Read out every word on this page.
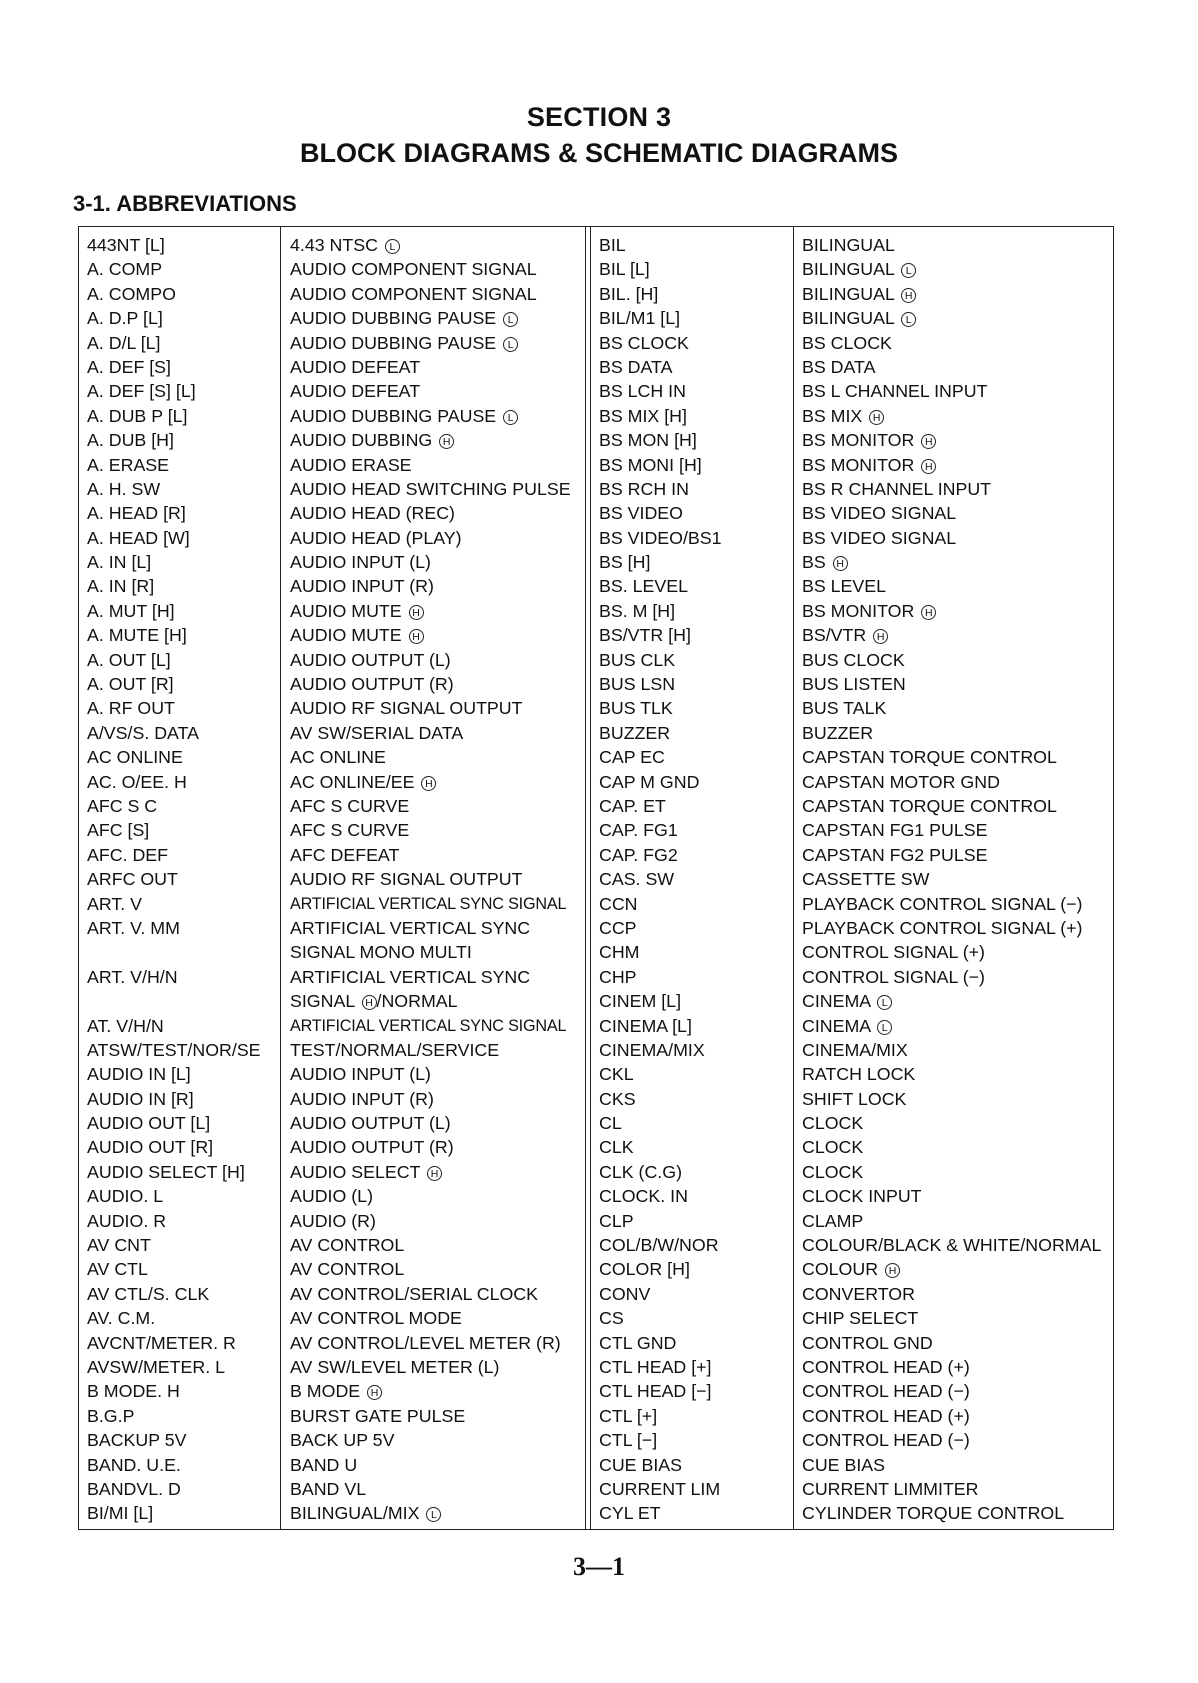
SECTION 3
BLOCK DIAGRAMS & SCHEMATIC DIAGRAMS
3-1. ABBREVIATIONS
443NT [L]
A. COMP
A. COMPO
A. D.P [L]
A. D/L [L]
A. DEF [S]
A. DEF [S] [L]
A. DUB P [L]
A. DUB [H]
A. ERASE
A. H. SW
A. HEAD [R]
A. HEAD [W]
A. IN [L]
A. IN [R]
A. MUT [H]
A. MUTE [H]
A. OUT [L]
A. OUT [R]
A. RF OUT
A/VS/S. DATA
AC ONLINE
AC. O/EE. H
AFC S C
AFC [S]
AFC. DEF
ARFC OUT
ART. V
ART. V. MM
ART. V/H/N
AT. V/H/N
ATSW/TEST/NOR/SE
AUDIO IN [L]
AUDIO IN [R]
AUDIO OUT [L]
AUDIO OUT [R]
AUDIO SELECT [H]
AUDIO. L
AUDIO. R
AV CNT
AV CTL
AV CTL/S. CLK
AV. C.M.
AVCNT/METER. R
AVSW/METER. L
B MODE. H
B.G.P
BACKUP 5V
BAND. U.E.
BANDVL. D
BI/MI [L]
4.43 NTSC L
AUDIO COMPONENT SIGNAL
AUDIO COMPONENT SIGNAL
AUDIO DUBBING PAUSE L
AUDIO DUBBING PAUSE L
AUDIO DEFEAT
AUDIO DEFEAT
AUDIO DUBBING PAUSE L
AUDIO DUBBING H
AUDIO ERASE
AUDIO HEAD SWITCHING PULSE
AUDIO HEAD (REC)
AUDIO HEAD (PLAY)
AUDIO INPUT (L)
AUDIO INPUT (R)
AUDIO MUTE H
AUDIO MUTE H
AUDIO OUTPUT (L)
AUDIO OUTPUT (R)
AUDIO RF SIGNAL OUTPUT
AV SW/SERIAL DATA
AC ONLINE
AC ONLINE/EE H
AFC S CURVE
AFC S CURVE
AFC DEFEAT
AUDIO RF SIGNAL OUTPUT
ARTIFICIAL VERTICAL SYNC SIGNAL
ARTIFICIAL VERTICAL SYNC
SIGNAL MONO MULTI
ARTIFICIAL VERTICAL SYNC
SIGNAL H /NORMAL
ARTIFICIAL VERTICAL SYNC SIGNAL
TEST/NORMAL/SERVICE
AUDIO INPUT (L)
AUDIO INPUT (R)
AUDIO OUTPUT (L)
AUDIO OUTPUT (R)
AUDIO SELECT H
AUDIO (L)
AUDIO (R)
AV CONTROL
AV CONTROL
AV CONTROL/SERIAL CLOCK
AV CONTROL MODE
AV CONTROL/LEVEL METER (R)
AV SW/LEVEL METER (L)
B MODE H
BURST GATE PULSE
BACK UP 5V
BAND U
BAND VL
BILINGUAL/MIX L
BIL
BIL [L]
BIL. [H]
BIL/M1 [L]
BS CLOCK
BS DATA
BS LCH IN
BS MIX [H]
BS MON [H]
BS MONI [H]
BS RCH IN
BS VIDEO
BS VIDEO/BS1
BS [H]
BS. LEVEL
BS. M [H]
BS/VTR [H]
BUS CLK
BUS LSN
BUS TLK
BUZZER
CAP EC
CAP M GND
CAP. ET
CAP. FG1
CAP. FG2
CAS. SW
CCN
CCP
CHM
CHP
CINEM [L]
CINEMA [L]
CINEMA/MIX
CKL
CKS
CL
CLK
CLK (C.G)
CLOCK. IN
CLP
COL/B/W/NOR
COLOR [H]
CONV
CS
CTL GND
CTL HEAD [+]
CTL HEAD [−]
CTL [+]
CTL [−]
CUE BIAS
CURRENT LIM
CYL ET
BILINGUAL
BILINGUAL L
BILINGUAL H
BILINGUAL L
BS CLOCK
BS DATA
BS L CHANNEL INPUT
BS MIX H
BS MONITOR H
BS MONITOR H
BS R CHANNEL INPUT
BS VIDEO SIGNAL
BS VIDEO SIGNAL
BS H
BS LEVEL
BS MONITOR H
BS/VTR H
BUS CLOCK
BUS LISTEN
BUS TALK
BUZZER
CAPSTAN TORQUE CONTROL
CAPSTAN MOTOR GND
CAPSTAN TORQUE CONTROL
CAPSTAN FG1 PULSE
CAPSTAN FG2 PULSE
CASSETTE SW
PLAYBACK CONTROL SIGNAL (−)
PLAYBACK CONTROL SIGNAL (+)
CONTROL SIGNAL (+)
CONTROL SIGNAL (−)
CINEMA L
CINEMA L
CINEMA/MIX
RATCH LOCK
SHIFT LOCK
CLOCK
CLOCK
CLOCK
CLOCK INPUT
CLAMP
COLOUR/BLACK & WHITE/NORMAL
COLOUR H
CONVERTOR
CHIP SELECT
CONTROL GND
CONTROL HEAD (+)
CONTROL HEAD (−)
CONTROL HEAD (+)
CONTROL HEAD (−)
CUE BIAS
CURRENT LIMMITER
CYLINDER TORQUE CONTROL
3—1
